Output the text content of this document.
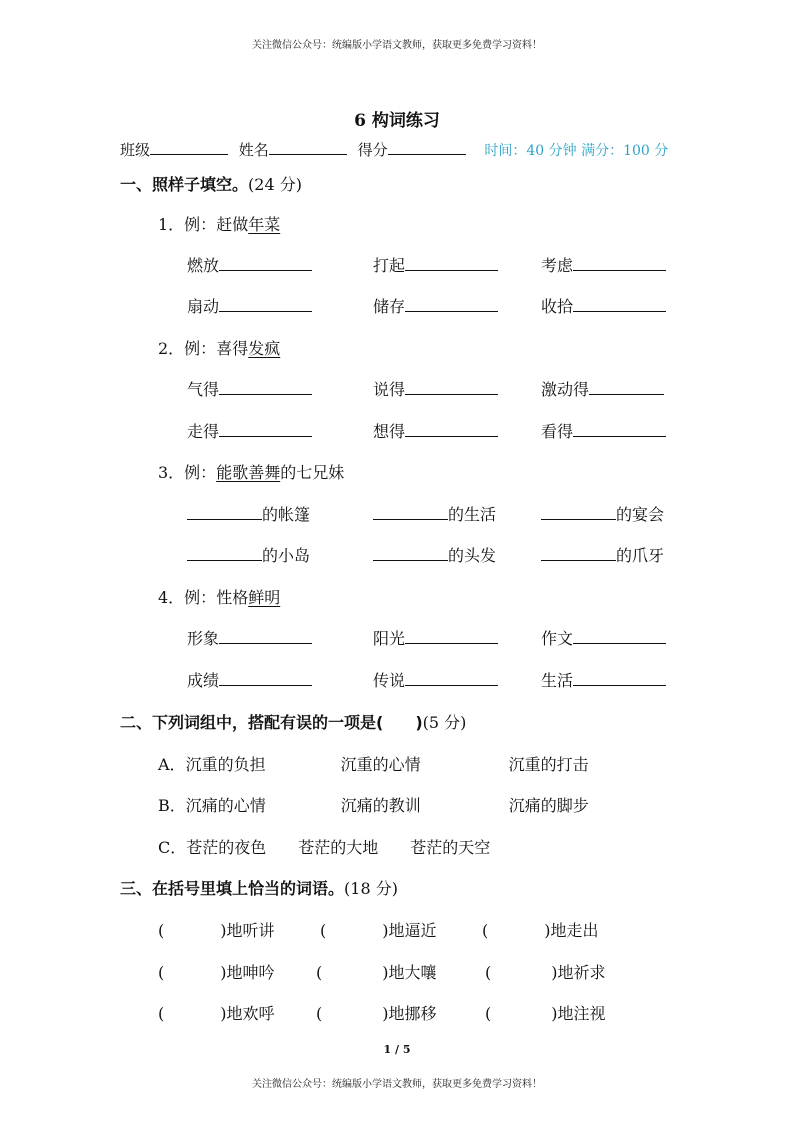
关注微信公众号：统编版小学语文教师，获取更多免费学习资料！
6 构词练习
班级	姓名	得分	时间：40 分钟 满分：100 分
一、照样子填空。(24 分)
1．例：赶做年菜
燃放	打起	考虑
扇动	储存	收拾
2．例：喜得发疯
气得	说得	激动得
走得	想得	看得
3．例：能歌善舞的七兄妹
的帐篷	的生活	的宴会
的小岛	的头发	的爪牙
4．例：性格鲜明
形象	阳光	作文
成绩	传说	生活
二、下列词组中，搭配有误的一项是(　　)(5 分)
A．沉重的负担	沉重的心情	沉重的打击
B．沉痛的心情	沉痛的教训	沉痛的脚步
C．苍茫的夜色 苍茫的大地 苍茫的天空
三、在括号里填上恰当的词语。(18 分)
(	)地听讲	(	)地逼近	(	)地走出
(	)地呻吟	(	)地大嚷	(	)地祈求
(	)地欢呼	(	)地挪移	(	)地注视
1 / 5
关注微信公众号：统编版小学语文教师，获取更多免费学习资料！
